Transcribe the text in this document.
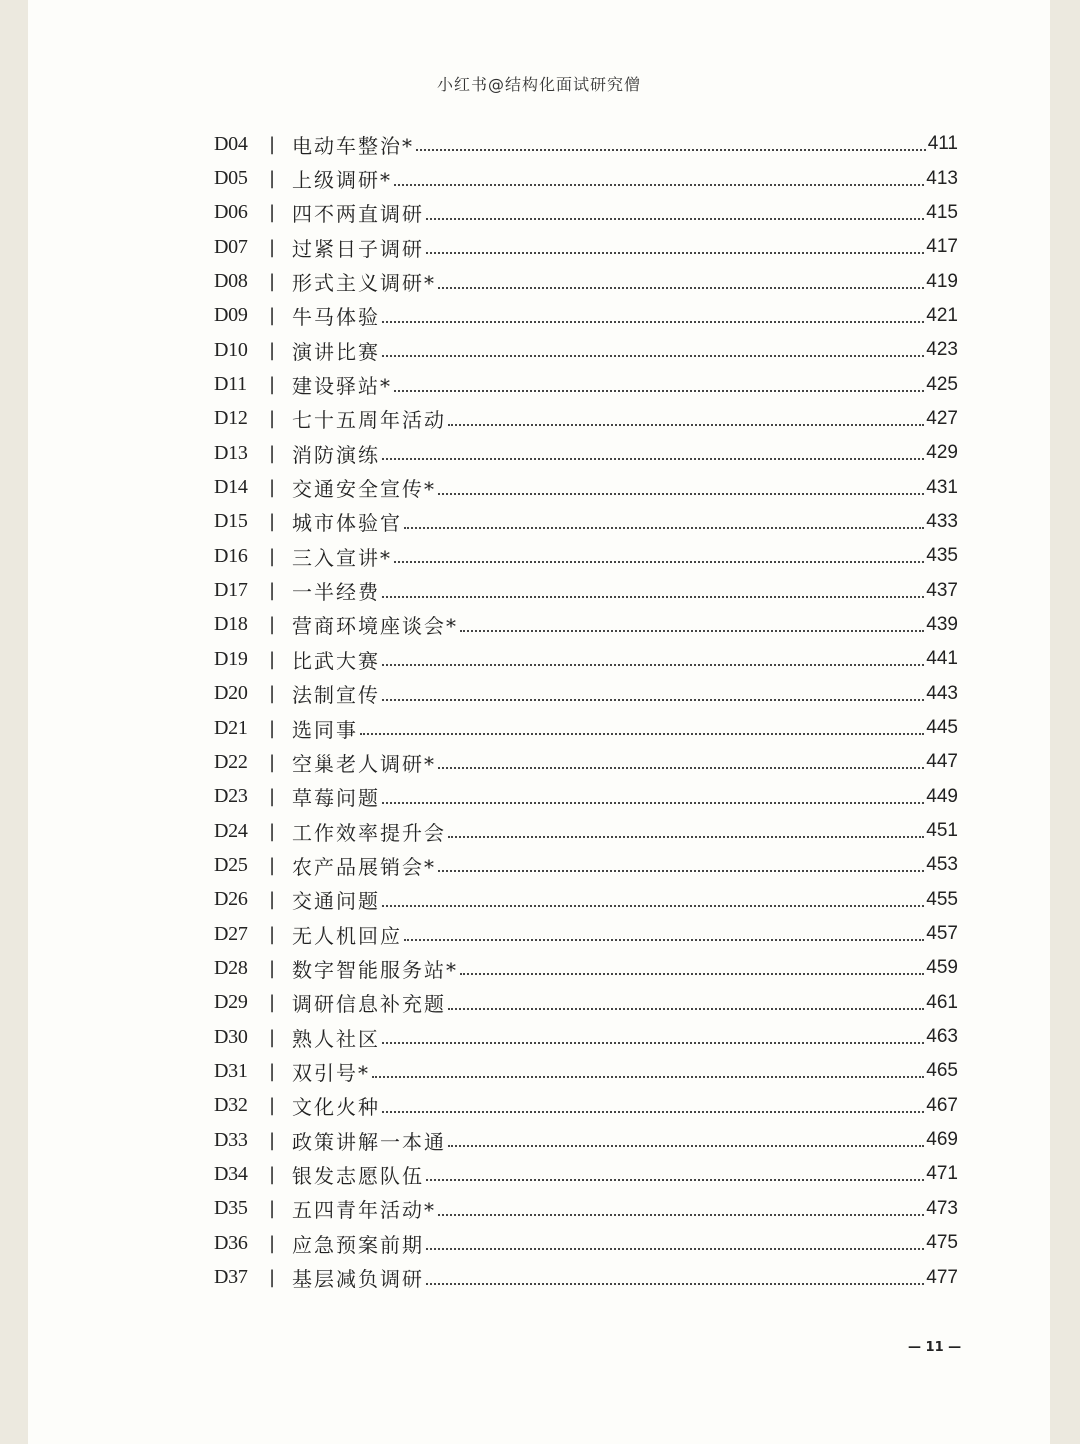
小红书@结构化面试研究僧
D04	| 电动车整治*	411
D05	| 上级调研*	413
D06	| 四不两直调研	415
D07	| 过紧日子调研	417
D08	| 形式主义调研*	419
D09	| 牛马体验	421
D10	| 演讲比赛	423
D11	| 建设驿站*	425
D12	| 七十五周年活动	427
D13	| 消防演练	429
D14	| 交通安全宣传*	431
D15	| 城市体验官	433
D16	| 三入宣讲*	435
D17	| 一半经费	437
D18	| 营商环境座谈会*	439
D19	| 比武大赛	441
D20	| 法制宣传	443
D21	| 选同事	445
D22	| 空巢老人调研*	447
D23	| 草莓问题	449
D24	| 工作效率提升会	451
D25	| 农产品展销会*	453
D26	| 交通问题	455
D27	| 无人机回应	457
D28	| 数字智能服务站*	459
D29	| 调研信息补充题	461
D30	| 熟人社区	463
D31	| 双引号*	465
D32	| 文化火种	467
D33	| 政策讲解一本通	469
D34	| 银发志愿队伍	471
D35	| 五四青年活动*	473
D36	| 应急预案前期	475
D37	| 基层减负调研	477
— 11 —
